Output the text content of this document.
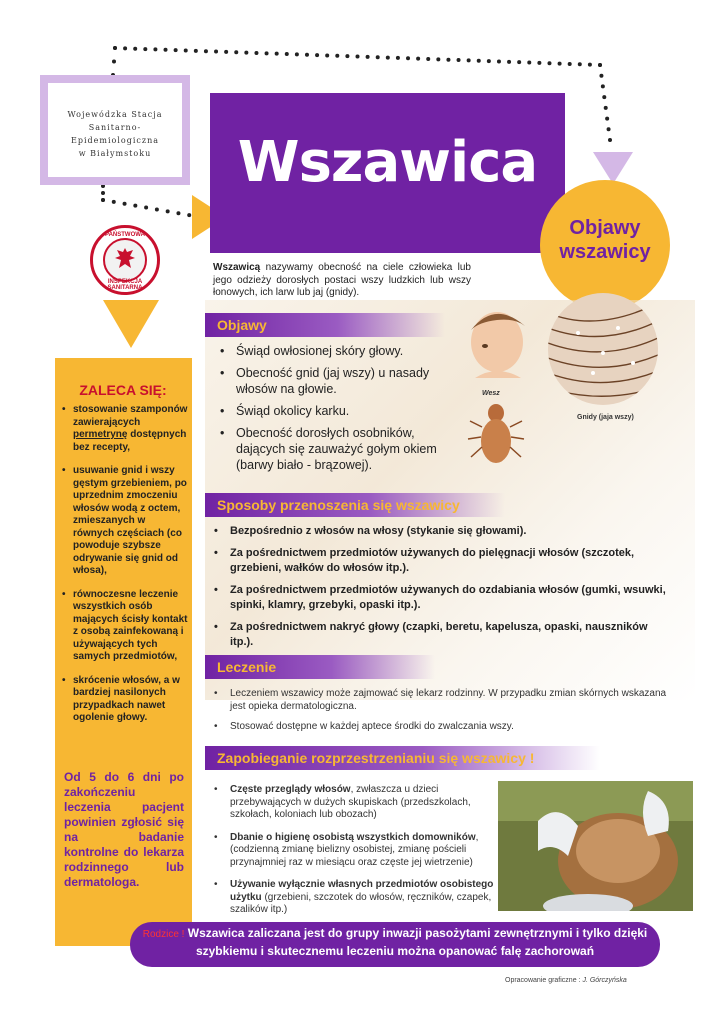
Wojewódzka Stacja
Sanitarno-Epidemiologiczna
w Białymstoku	Wszawica
Objawy
wszawicy
PAŃSTWOWA
INSPEKCJA SANITARNA
ZALECA SIĘ:
• stosowanie szamponów zawierających permetrynę dostępnych bez recepty,
• usuwanie gnid i wszy gęstym grzebieniem, po uprzednim zmoczeniu włosów wodą z octem, zmieszanych w równych częściach (co powoduje szybsze odrywanie się gnid od włosa),
• równoczesne leczenie wszystkich osób mających ścisły kontakt z osobą zainfekowaną i używających tych samych przedmiotów,
• skrócenie włosów, a w bardziej nasilonych przypadkach nawet ogolenie głowy.
Od 5 do 6 dni po zakończeniu leczenia pacjent powinien zgłosić się na badanie kontrolne do lekarza rodzinnego lub dermatologa.
Wszawicą nazywamy obecność na ciele człowieka lub jego odzieży dorosłych postaci wszy ludzkich lub wszy łonowych, ich larw lub jaj (gnidy).
Wesz
Gnidy (jaja wszy)
Objawy
• Świąd owłosionej skóry głowy.
• Obecność gnid (jaj wszy) u nasady włosów na głowie.
• Świąd okolicy karku.
• Obecność dorosłych osobników, dających się zauważyć gołym okiem (barwy biało - brązowej).
Sposoby przenoszenia się wszawicy
• Bezpośrednio z włosów na włosy (stykanie się głowami).
• Za pośrednictwem przedmiotów używanych do pielęgnacji włosów (szczotek, grzebieni, wałków do włosów itp.).
• Za pośrednictwem przedmiotów używanych do ozdabiania włosów (gumki, wsuwki, spinki, klamry, grzebyki, opaski itp.).
• Za pośrednictwem nakryć głowy (czapki, beretu, kapelusza, opaski, nauszników itp.).
Leczenie
• Leczeniem wszawicy może zajmować się lekarz rodzinny. W przypadku zmian skórnych wskazana jest opieka dermatologiczna.
• Stosować dostępne w każdej aptece środki do zwalczania wszy.
Zapobieganie rozprzestrzenianiu się wszawicy !
• Częste przeglądy włosów, zwłaszcza u dzieci przebywających w dużych skupiskach (przedszkolach, szkołach, koloniach lub obozach)
• Dbanie o higienę osobistą wszystkich domowników, (codzienną zmianę bielizny osobistej, zmianę pościeli przynajmniej raz w miesiącu oraz częste jej wietrzenie)
• Używanie wyłącznie własnych przedmiotów osobistego użytku (grzebieni, szczotek do włosów, ręczników, czapek, szalików itp.)
Rodzice ! Wszawica zaliczana jest do grupy inwazji pasożytami zewnętrznymi i tylko dzięki szybkiemu i skutecznemu leczeniu można opanować falę zachorowań
Opracowanie graficzne : J. Górczyńska
